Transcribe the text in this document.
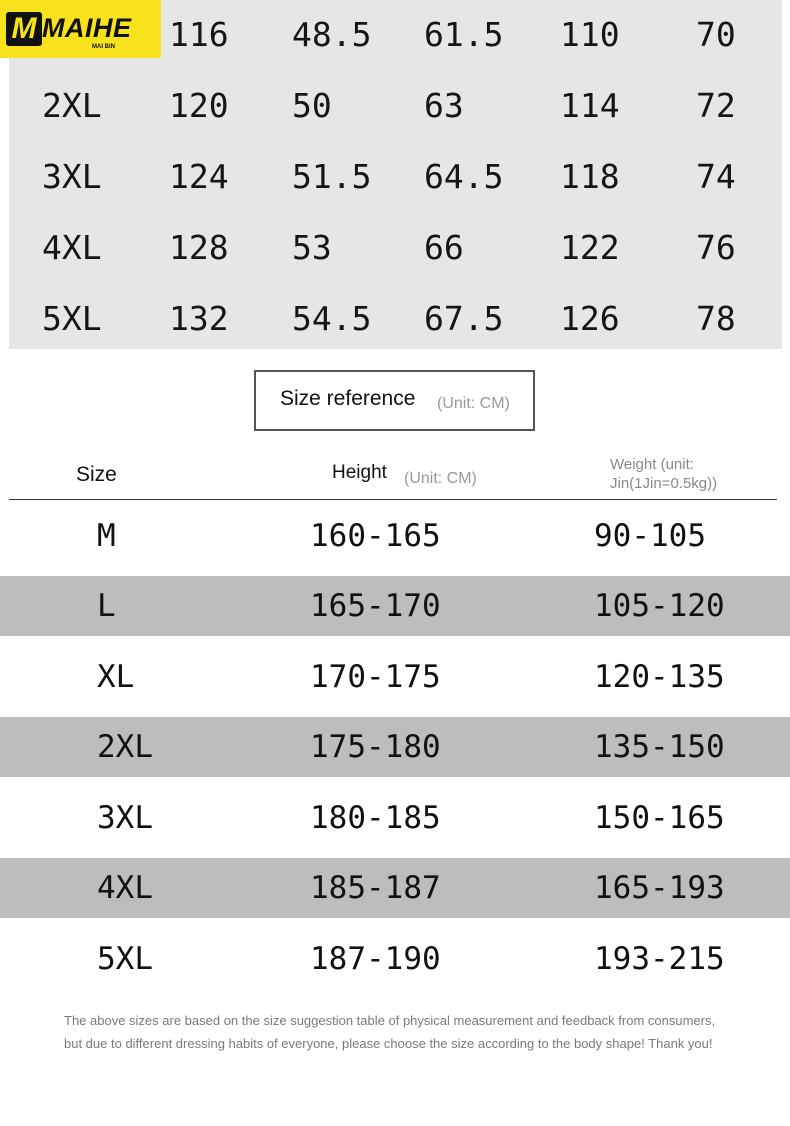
116 48.5 61.5 110 70
2XL 120 50	63	114 72
3XL 124 51.5 64.5 118 74
4XL 128 53	66	122 76
5XL 132 54.5 67.5 126 78
M MAIHE
MAI BIN
Size reference (Unit: CM)
Size	Height (Unit: CM)
Weight (unit: Jin(1Jin=0.5kg))
M	160-165	90-105
L	165-170	105-120
XL	170-175	120-135
2XL	175-180	135-150
3XL	180-185	150-165
4XL	185-187	165-193
5XL	187-190	193-215
The above sizes are based on the size suggestion table of physical measurement and feedback from consumers,
but due to different dressing habits of everyone, please choose the size according to the body shape! Thank you!
